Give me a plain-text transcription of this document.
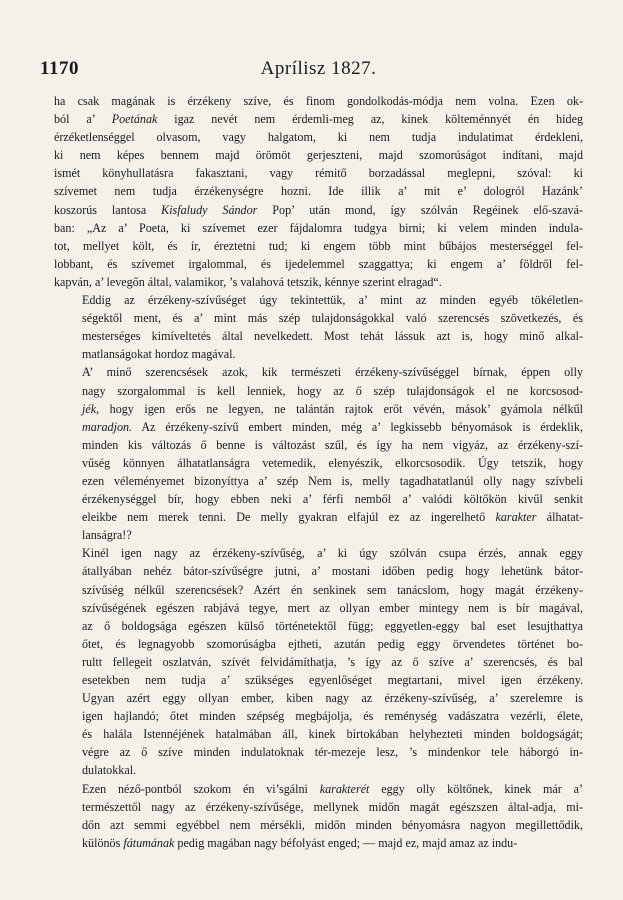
1170	Aprílisz 1827.

ha csak magának is érzékeny szíve, és finom gondolkodás-módja nem volna. Ezen ok-
ból a’ Poetának igaz nevét nem érdemli-meg az, kinek költeménnyét én hideg
érzéketlenséggel olvasom, vagy halgatom, ki nem tudja indulatimat érdekleni,
ki nem képes bennem majd örömöt gerjeszteni, majd szomorúságot indítani, majd
ismét könyhullatásra fakasztani, vagy rémitő borzadással meglepni, szóval: ki
szívemet nem tudja érzékenységre hozni. Ide illik a’ mit e’ dologról Hazánk’
koszorús lantosa Kisfaludy Sándor Pop’ után mond, így szólván Regéinek elő-szavá-
ban: „Az a’ Poeta, ki szívemet ezer fájdalomra tudgya birni; ki velem minden indula-
tot, mellyet költ, és ír, éreztetni tud; ki engem több mint bűbájos mesterséggel fel-
lobbant, és szívemet irgalommal, és ijedelemmel szaggattya; ki engem a’ földről fel-
kapván, a’ levegőn által, valamikor, ’s valahová tetszik, kénnye szerint elragad“.

Eddig az érzékeny-szívűséget úgy tekintettük, a’ mint az minden egyéb tökéletlen-
ségektől ment, és a’ mint más szép tulajdonságokkal való szerencsés szövetkezés, és
mesterséges kimíveltetés által nevelkedett. Most tehát lássuk azt is, hogy minő alkal-
matlanságokat hordoz magával.

A’ minő szerencsések azok, kik természeti érzékeny-szívűséggel bírnak, éppen olly
nagy szorgalommal is kell lenniek, hogy az ő szép tulajdonságok el ne korcsosod-
jék, hogy igen erős ne legyen, ne talántán rajtok erőt vévén, mások’ gyámola nélkűl
maradjon. Az érzékeny-szívű embert minden, még a’ legkissebb bényomások is érdeklik,
minden kis változás ő benne is változást szűl, és így ha nem vigyáz, az érzékeny-szí-
vűség könnyen álhatatlanságra vetemedik, elenyészik, elkorcsosodik. Úgy tetszik, hogy
ezen véleményemet bizonyíttya a’ szép Nem is, melly tagadhatatlanúl olly nagy szívbeli
érzékenységgel bír, hogy ebben neki a’ férfi nemből a’ valódi költőkön kivűl senkit
eleikbe nem merek tenni. De melly gyakran elfajúl ez az ingerelhető karakter álhatat-
lanságra!?

Kinél igen nagy az érzékeny-szívűség, a’ ki úgy szólván csupa érzés, annak eggy
átallyában nehéz bátor-szívűségre jutni, a’ mostani időben pedig hogy lehetünk bátor-
szívűség nélkűl szerencsések? Azért én senkinek sem tanácslom, hogy magát érzékeny-
szívűségének egészen rabjává tegye, mert az ollyan ember mintegy nem is bír magával,
az ő boldogsága egészen külső történetektől függ; eggyetlen-eggy bal eset lesujthattya
őtet, és legnagyobb szomorúságba ejtheti, azután pedig eggy örvendetes történet bo-
rultt fellegeit oszlatván, szívét felvidámíthatja, ’s így az ő szíve a’ szerencsés, és bal
esetekben nem tudja a’ szükséges egyenlőséget megtartani, mivel igen érzékeny.
Ugyan azért eggy ollyan ember, kiben nagy az érzékeny-szívűség, a’ szerelemre is
igen hajlandó; őtet minden szépség megbájolja, és reménység vadászatra vezérli, élete,
és halála Istennéjének hatalmában áll, kinek birtokában helyhezteti minden boldogságát;
végre az ő szíve minden indulatoknak tér-mezeje lesz, ’s mindenkor tele háborgó in-
dulatokkal.

Ezen néző-pontból szokom én vi’sgálni karakterét eggy olly költőnek, kinek már a’
természettől nagy az érzékeny-szívűsége, mellynek midőn magát egészszen által-adja, mi-
dőn azt semmi egyébbel nem mérsékli, midőn minden bényomásra nagyon megillettődik,
különös fátumának pedig magában nagy béfolyást enged; — majd ez, majd amaz az indu-
